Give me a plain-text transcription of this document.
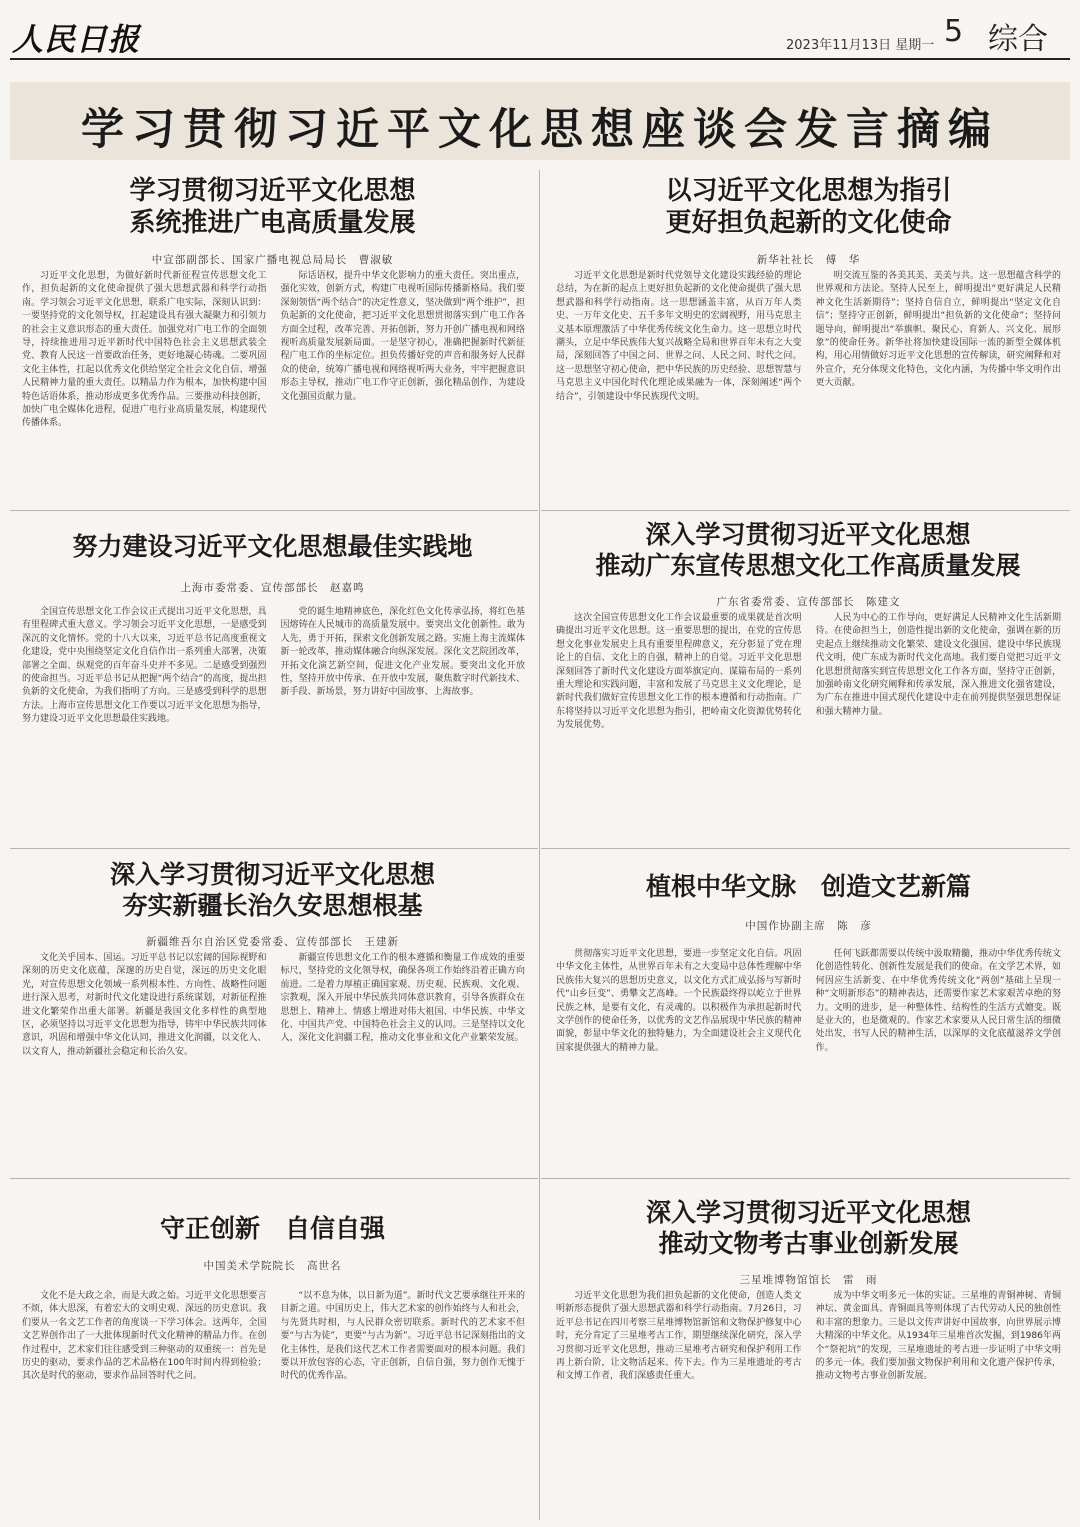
人民日报	2023年11月13日 星期一 5 综合
学习贯彻习近平文化思想座谈会发言摘编
学习贯彻习近平文化思想
系统推进广电高质量发展
中宣部副部长、国家广播电视总局局长　曹淑敏

习近平文化思想，为做好新时代新征程宣传思想文化工作，担负起新的文化使命提供了强大思想武器和科学行动指南。学习领会习近平文化思想，联系广电实际，深刻认识到：一要坚持党的文化领导权，扛起建设具有强大凝聚力和引领力的社会主义意识形态的重大责任。加强党对广电工作的全面领导，持续推进用习近平新时代中国特色社会主义思想武装全党、教育人民这一首要政治任务，更好地凝心铸魂。二要巩固文化主体性，扛起以优秀文化供给坚定全社会文化自信、增强人民精神力量的重大责任。以精品力作为根本，加快构建中国特色话语体系，推动形成更多优秀作品。三要推动科技创新，加快广电全媒体化进程，促进广电行业高质量发展，构建现代传播体系。

际话语权，提升中华文化影响力的重大责任。突出重点，强化实效，创新方式，构建广电视听国际传播新格局。我们要深刻领悟“两个结合”的决定性意义，坚决做到“两个维护”，担负起新的文化使命，把习近平文化思想贯彻落实到广电工作各方面全过程，改革完善、开拓创新，努力开创广播电视和网络视听高质量发展新局面。一是坚守初心，准确把握新时代新征程广电工作的坐标定位。担负传播好党的声音和服务好人民群众的使命，统筹广播电视和网络视听两大业务，牢牢把握意识形态主导权，推动广电工作守正创新，强化精品创作，为建设文化强国贡献力量。

以习近平文化思想为指引
更好担负起新的文化使命
新华社社长　傅　华

习近平文化思想是新时代党领导文化建设实践经验的理论总结，为在新的起点上更好担负起新的文化使命提供了强大思想武器和科学行动指南。这一思想涵盖丰富，从百万年人类史、一万年文化史、五千多年文明史的宏阔视野，用马克思主义基本原理激活了中华优秀传统文化生命力。这一思想立时代潮头，立足中华民族伟大复兴战略全局和世界百年未有之大变局，深刻回答了中国之问、世界之问、人民之问、时代之问。这一思想坚守初心使命，把中华民族的历史经验、思想智慧与马克思主义中国化时代化理论成果融为一体，深刻阐述“两个结合”，引领建设中华民族现代文明。

明交流互鉴的各美其美、美美与共。这一思想蕴含科学的世界观和方法论。坚持人民至上，鲜明提出“更好满足人民精神文化生活新期待”；坚持自信自立，鲜明提出“坚定文化自信”；坚持守正创新，鲜明提出“担负新的文化使命”；坚持问题导向，鲜明提出“举旗帜、聚民心、育新人、兴文化、展形象”的使命任务。新华社将加快建设国际一流的新型全媒体机构，用心用情做好习近平文化思想的宣传解读，研究阐释和对外宣介，充分体现文化特色，文化内涵，为传播中华文明作出更大贡献。

努力建设习近平文化思想最佳实践地
上海市委常委、宣传部部长　赵嘉鸣

全国宣传思想文化工作会议正式提出习近平文化思想，具有里程碑式重大意义。学习领会习近平文化思想，一是感受到深沉的文化情怀。党的十八大以来，习近平总书记高度重视文化建设，党中央围绕坚定文化自信作出一系列重大部署，决策部署之全面、纵观党的百年奋斗史并不多见。二是感受到强烈的使命担当。习近平总书记从把握“两个结合”的高度，提出担负新的文化使命，为我们指明了方向。三是感受到科学的思想方法。上海市宣传思想文化工作要以习近平文化思想为指导，努力建设习近平文化思想最佳实践地。

党的诞生地精神底色，深化红色文化传承弘扬，将红色基因熔铸在人民城市的高质量发展中。要突出文化创新性。敢为人先，勇于开拓，探索文化创新发展之路。实施上海主流媒体新一轮改革，推动媒体融合向纵深发展。深化文艺院团改革，开拓文化演艺新空间，促进文化产业发展。要突出文化开放性，坚持开放中传承、在开放中发展，聚焦数字时代新技术、新手段、新场景，努力讲好中国故事、上海故事。

深入学习贯彻习近平文化思想
推动广东宣传思想文化工作高质量发展
广东省委常委、宣传部部长　陈建文

这次全国宣传思想文化工作会议最重要的成果就是首次明确提出习近平文化思想。这一重要思想的提出，在党的宣传思想文化事业发展史上具有重要里程碑意义，充分彰显了党在理论上的自信、文化上的自强，精神上的自觉。习近平文化思想深刻回答了新时代文化建设方面举旗定向、谋篇布局的一系列重大理论和实践问题，丰富和发展了马克思主义文化理论，是新时代我们做好宣传思想文化工作的根本遵循和行动指南。广东将坚持以习近平文化思想为指引，把岭南文化资源优势转化为发展优势。

人民为中心的工作导向，更好满足人民精神文化生活新期待。在使命担当上，创造性提出新的文化使命，强调在新的历史起点上继续推动文化繁荣、建设文化强国、建设中华民族现代文明，使广东成为新时代文化高地。我们要自觉把习近平文化思想贯彻落实到宣传思想文化工作各方面，坚持守正创新，加强岭南文化研究阐释和传承发展，深入推进文化强省建设，为广东在推进中国式现代化建设中走在前列提供坚强思想保证和强大精神力量。

深入学习贯彻习近平文化思想
夯实新疆长治久安思想根基
新疆维吾尔自治区党委常委、宣传部部长　王建新

文化关乎国本、国运。习近平总书记以宏阔的国际视野和深刻的历史文化底蕴，深邃的历史自觉，深远的历史文化眼光，对宣传思想文化领域一系列根本性、方向性、战略性问题进行深入思考，对新时代文化建设进行系统谋划，对新征程推进文化繁荣作出重大部署。新疆是我国文化多样性的典型地区，必须坚持以习近平文化思想为指导，铸牢中华民族共同体意识，巩固和增强中华文化认同，推进文化润疆，以文化人、以文育人，推动新疆社会稳定和长治久安。

新疆宣传思想文化工作的根本遵循和衡量工作成效的重要标尺，坚持党的文化领导权，确保各项工作始终沿着正确方向前进。二是着力厚植正确国家观、历史观、民族观、文化观、宗教观，深入开展中华民族共同体意识教育，引导各族群众在思想上、精神上、情感上增进对伟大祖国、中华民族、中华文化、中国共产党、中国特色社会主义的认同。三是坚持以文化人，深化文化润疆工程，推动文化事业和文化产业繁荣发展。

植根中华文脉　创造文艺新篇
中国作协副主席　陈　彦

贯彻落实习近平文化思想，要进一步坚定文化自信。巩固中华文化主体性，从世界百年未有之大变局中总体性理解中华民族伟大复兴的思想历史意义，以文化方式汇成弘扬与写新时代“山乡巨变”、勇攀文艺高峰。一个民族最终得以屹立于世界民族之林，是要有文化，有灵魂的。以积极作为承担起新时代文学创作的使命任务，以优秀的文艺作品展现中华民族的精神面貌，彰显中华文化的独特魅力，为全面建设社会主义现代化国家提供强大的精神力量。

任何飞跃都需要以传统中汲取精髓，推动中华优秀传统文化创造性转化、创新性发展是我们的使命。在文学艺术界，如何因应生活新变、在中华优秀传统文化“两创”基础上呈现一种“文明新形态”的精神表达，还需要作家艺术家艰苦卓绝的努力。文明的进步，是一种整体性、结构性的生活方式嬗变。既是业大的，也是微观的。作家艺术家要从人民日常生活的细微处出发，书写人民的精神生活，以深厚的文化底蕴滋养文学创作。

守正创新　自信自强
中国美术学院院长　高世名

文化不是大政之余，而是大政之始。习近平文化思想要言不烦，体大思深，有着宏大的文明史观、深远的历史意识。我们要从一名文艺工作者的角度谈一下学习体会。这两年，全国文艺界创作出了一大批体现新时代文化精神的精品力作。在创作过程中，艺术家们往往感受到三种驱动的双重统一：首先是历史的驱动，要求作品的艺术品格在100年时间内得到检验；其次是时代的驱动，要求作品回答时代之问。

“以不息为体，以日新为道”。新时代文艺要承继往开来的目新之道。中国历史上，伟大艺术家的创作始终与人和社会，与先贤共时相，与人民群众密切联系。新时代的艺术家不但要“与古为徒”，更要“与古为新”。习近平总书记深刻指出的文化主体性，是我们这代艺术工作者需要面对的根本问题。我们要以开放包容的心态，守正创新，自信自强，努力创作无愧于时代的优秀作品。

深入学习贯彻习近平文化思想
推动文物考古事业创新发展
三星堆博物馆馆长　雷　雨

习近平文化思想为我们担负起新的文化使命，创造人类文明新形态提供了强大思想武器和科学行动指南。7月26日，习近平总书记在四川考察三星堆博物馆新馆和文物保护修复中心时，充分肯定了三星堆考古工作，期望继续深化研究，深入学习贯彻习近平文化思想，推动三星堆考古研究和保护利用工作再上新台阶，让文物活起来、传下去。作为三星堆遗址的考古和文博工作者，我们深感责任重大。

成为中华文明多元一体的实证。三星堆的青铜神树、青铜神坛、黄金面具、青铜面具等则体现了古代劳动人民的独创性和丰富的想象力。三是以文传声讲好中国故事，向世界展示博大精深的中华文化。从1934年三星堆首次发掘，到1986年两个“祭祀坑”的发现，三星堆遗址的考古进一步证明了中华文明的多元一体。我们要加强文物保护利用和文化遗产保护传承，推动文物考古事业创新发展。
